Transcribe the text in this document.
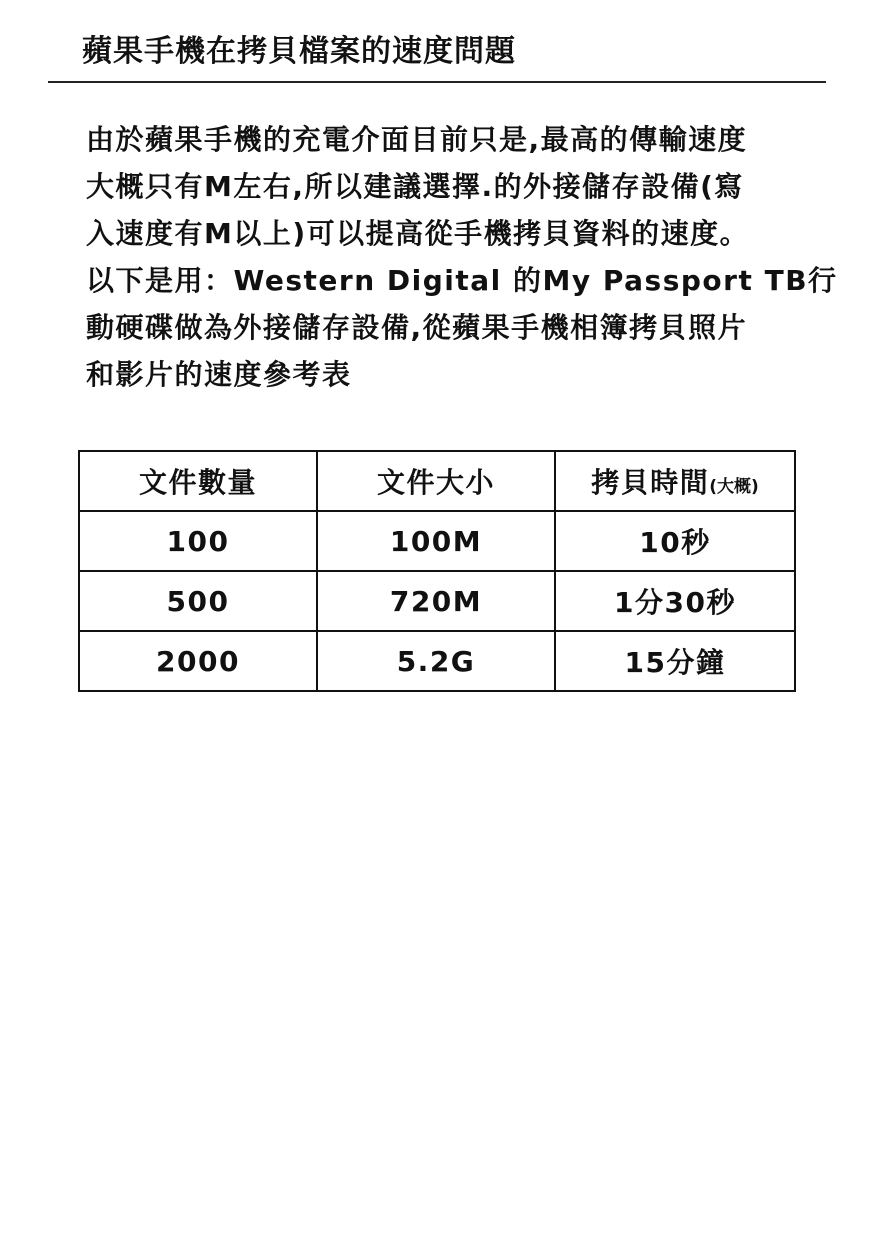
蘋果手機在拷貝檔案的速度問題
由於蘋果手機的充電介面目前只是,最高的傳輸速度
大概只有M左右,所以建議選擇.的外接儲存設備(寫
入速度有M以上)可以提高從手機拷貝資料的速度。
以下是用：Western Digital 的My Passport TB行
動硬碟做為外接儲存設備,從蘋果手機相簿拷貝照片
和影片的速度參考表
文件數量	文件大小	拷貝時間(大概)
100	100M	10秒
500	720M	1分30秒
2000	5.2G	15分鐘
